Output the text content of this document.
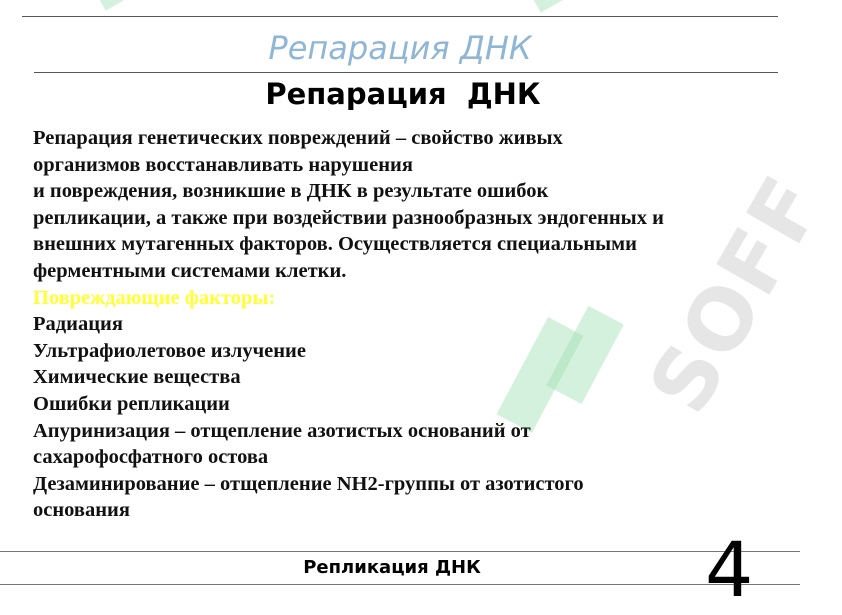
SOFF
Репарация ДНК
Репарация  ДНК
Репарация генетических повреждений – свойство живых
организмов восстанавливать нарушения
и повреждения, возникшие в ДНК в результате ошибок
репликации, а также при воздействии разнообразных эндогенных и
внешних мутагенных факторов. Осуществляется специальными
ферментными системами клетки.
Повреждающие факторы:
Радиация
Ультрафиолетовое излучение
Химические вещества
Ошибки репликации
Апуринизация – отщепление азотистых оснований от
сахарофосфатного остова
Дезаминирование – отщепление NH2-группы от азотистого
основания
Репликация ДНК	4
